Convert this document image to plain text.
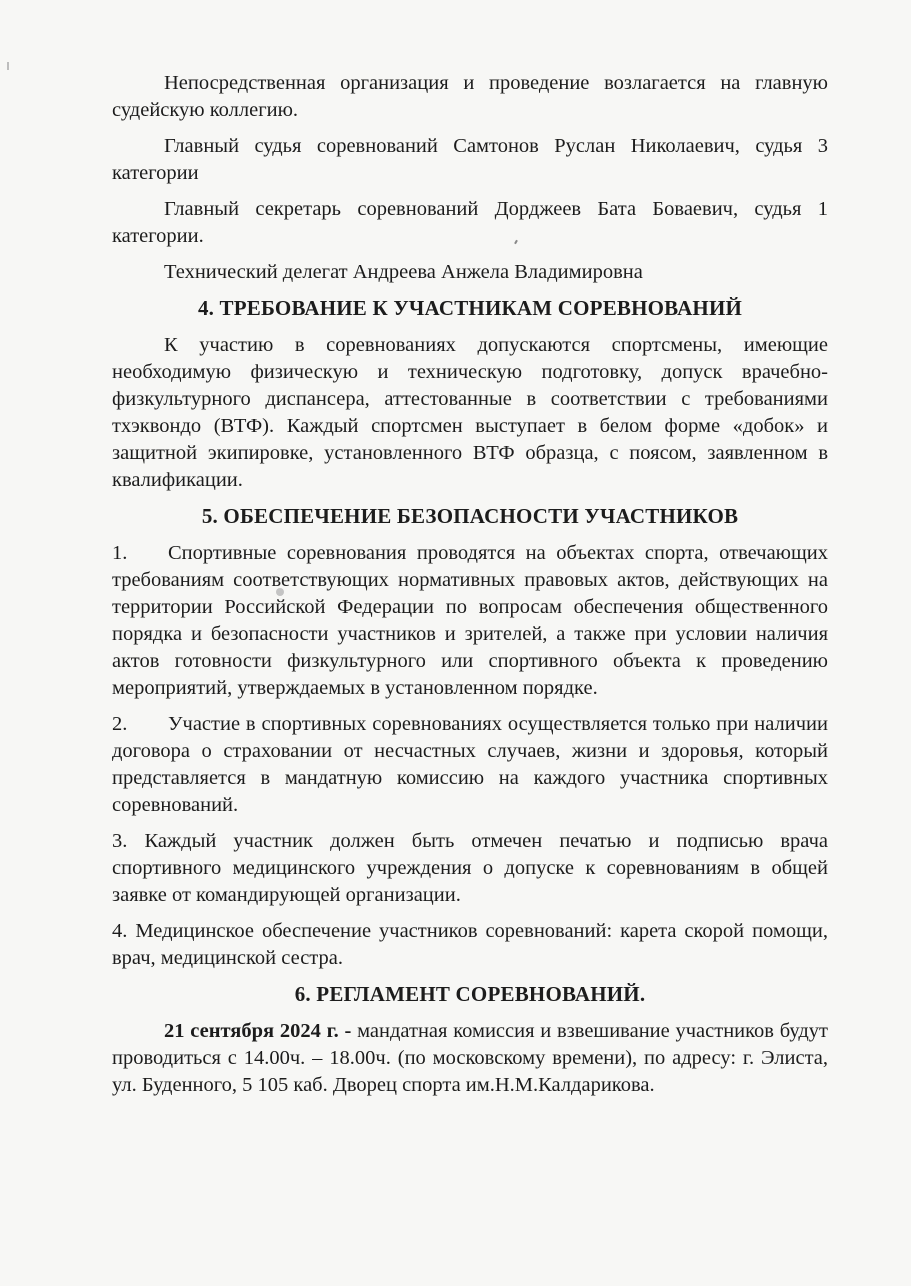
Непосредственная организация и проведение возлагается на главную судейскую коллегию.

Главный судья соревнований Самтонов Руслан Николаевич, судья 3 категории

Главный секретарь соревнований Дорджеев Бата Боваевич, судья 1 категории.

Технический делегат Андреева Анжела Владимировна

4. ТРЕБОВАНИЕ К УЧАСТНИКАМ СОРЕВНОВАНИЙ

К участию в соревнованиях допускаются спортсмены, имеющие необходимую физическую и техническую подготовку, допуск врачебно-физкультурного диспансера, аттестованные в соответствии с требованиями тхэквондо (ВТФ). Каждый спортсмен выступает в белом форме «добок» и защитной экипировке, установленного ВТФ образца, с поясом, заявленном в квалификации.

5. ОБЕСПЕЧЕНИЕ БЕЗОПАСНОСТИ УЧАСТНИКОВ

1. Спортивные соревнования проводятся на объектах спорта, отвечающих требованиям соответствующих нормативных правовых актов, действующих на территории Российской Федерации по вопросам обеспечения общественного порядка и безопасности участников и зрителей, а также при условии наличия актов готовности физкультурного или спортивного объекта к проведению мероприятий, утверждаемых в установленном порядке.

2. Участие в спортивных соревнованиях осуществляется только при наличии договора о страховании от несчастных случаев, жизни и здоровья, который представляется в мандатную комиссию на каждого участника спортивных соревнований.

3. Каждый участник должен быть отмечен печатью и подписью врача спортивного медицинского учреждения о допуске к соревнованиям в общей заявке от командирующей организации.

4. Медицинское обеспечение участников соревнований: карета скорой помощи, врач, медицинской сестра.

6. РЕГЛАМЕНТ СОРЕВНОВАНИЙ.

21 сентября 2024 г. - мандатная комиссия и взвешивание участников будут проводиться с 14.00ч. – 18.00ч. (по московскому времени), по адресу: г. Элиста, ул. Буденного, 5 105 каб. Дворец спорта им.Н.М.Калдарикова.
